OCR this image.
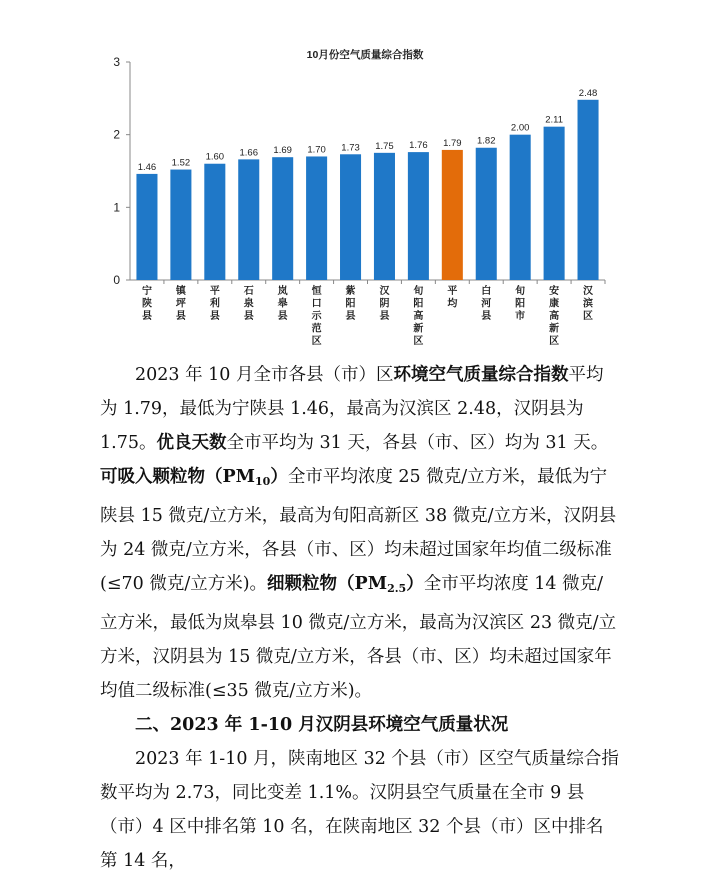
10月份空气质量综合指数
0
1
2
3
1.46 1.52
1.60 1.66 1.69 1.70 1.73 1.75 1.76 1.79 1.82
2.00
2.11
2.48
宁陕县
镇坪县
平利县
石泉县
岚皋县
恒口示范区
紫阳县
汉阴县
旬阳高新区
平均
白河县
旬阳市
安康高新区
汉滨区

2023 年 10 月全市各县（市）区环境空气质量综合指数平均为 1.79，最低为宁陕县 1.46，最高为汉滨区 2.48，汉阴县为 1.75。优良天数全市平均为 31 天，各县（市、区）均为 31 天。可吸入颗粒物$(PM_{10})$全市平均浓度 25 微克/立方米，最低为宁陕县 15 微克/立方米，最高为旬阳高新区 38 微克/立方米，汉阴县为 24 微克/立方米，各县（市、区）均未超过国家年均值二级标准(≤70 微克/立方米)。细颗粒物$(PM_{2.5})$全市平均浓度 14 微克/立方米，最低为岚皋县 10 微克/立方米，最高为汉滨区 23 微克/立方米，汉阴县为 15 微克/立方米，各县（市、区）均未超过国家年均值二级标准(≤35 微克/立方米)。

二、2023 年 1-10 月汉阴县环境空气质量状况

2023 年 1-10 月，陕南地区 32 个县（市）区空气质量综合指数平均为 2.73，同比变差 1.1%。汉阴县空气质量在全市 9 县（市）4 区中排名第 10 名，在陕南地区 32 个县（市）区中排名第 14 名，
